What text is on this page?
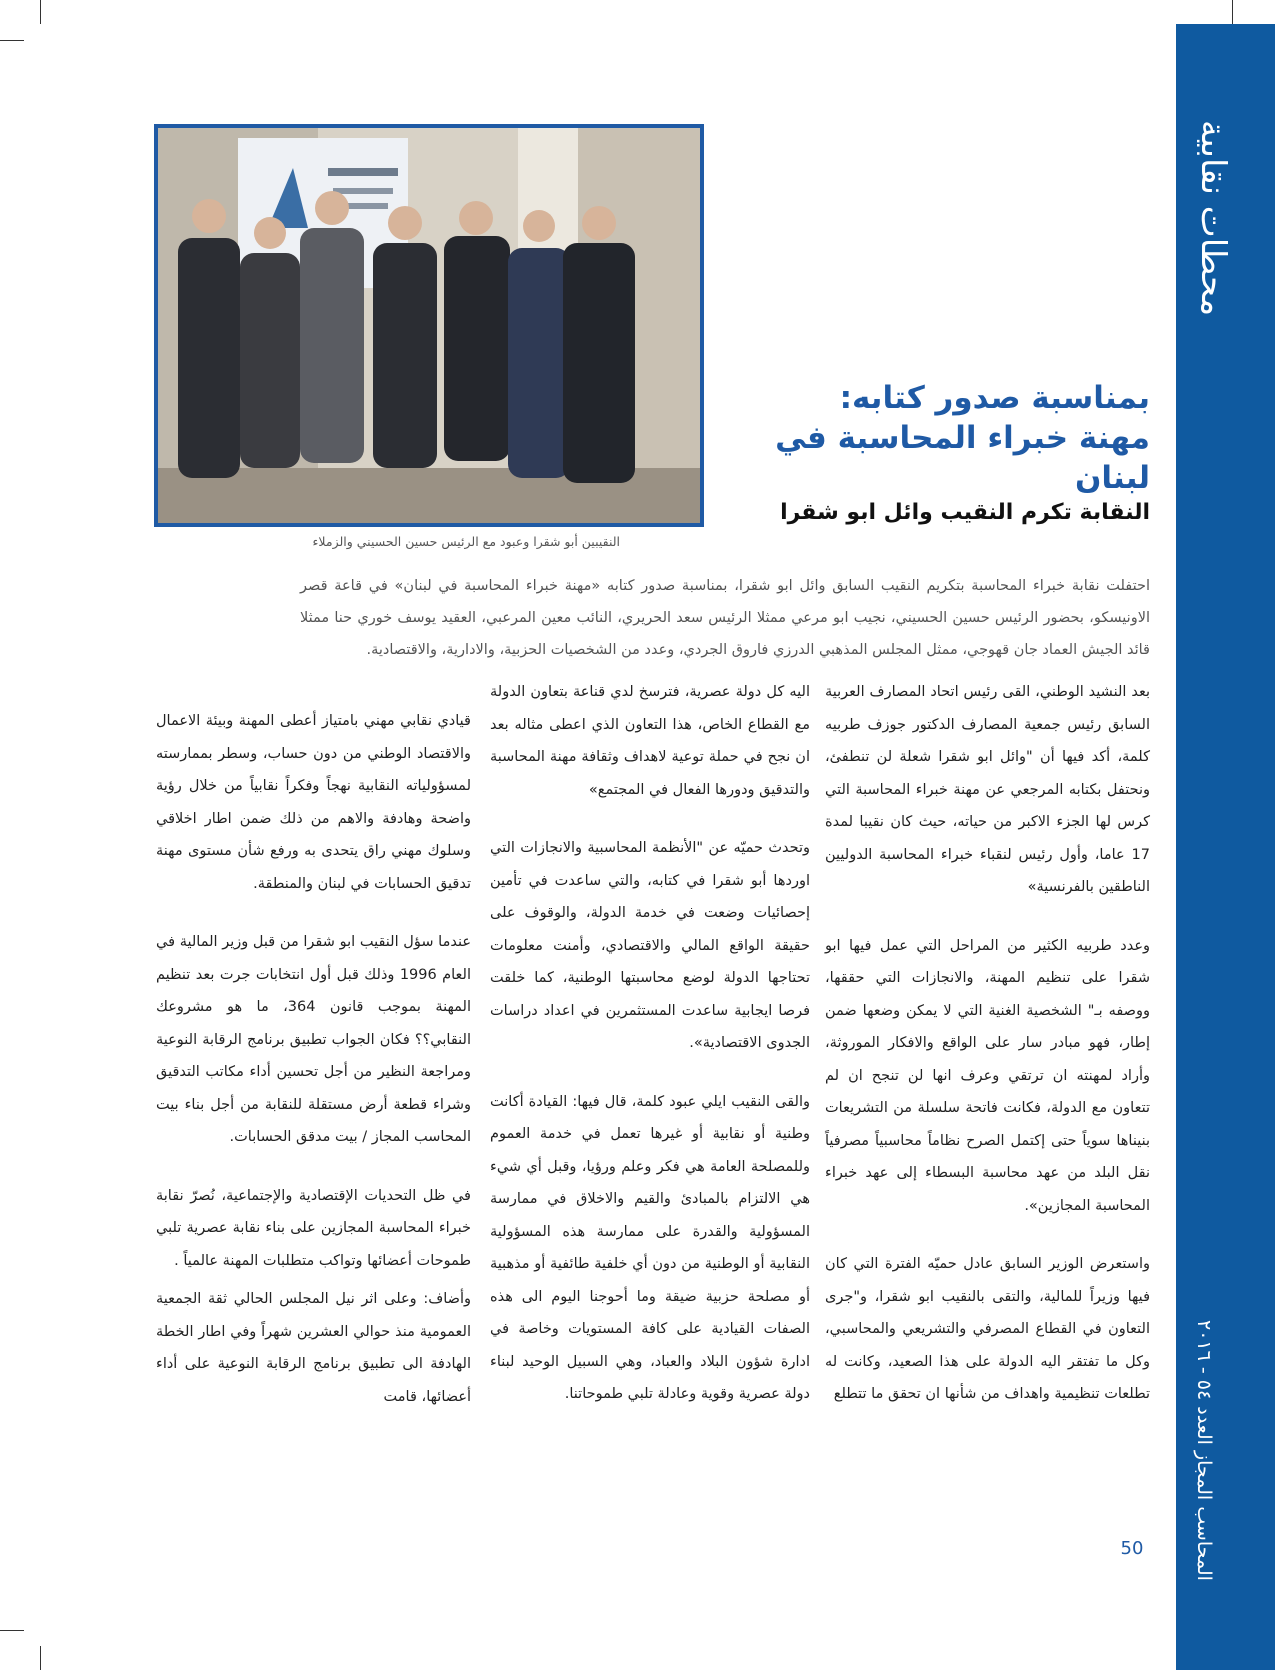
محطات نقابية
المحاسب المجاز العدد ٥٤ - ٢٠١٦
النقيبين أبو شقرا وعبود مع الرئيس حسين الحسيني والزملاء
بمناسبة صدور كتابه:
مهنة خبراء المحاسبة في لبنان
النقابة تكرم النقيب وائل ابو شقرا
احتفلت نقابة خبراء المحاسبة بتكريم النقيب السابق وائل ابو شقرا، بمناسبة صدور كتابه «مهنة خبراء المحاسبة في لبنان» في قاعة قصر الاونيسكو، بحضور الرئيس حسين الحسيني، نجيب ابو مرعي ممثلا الرئيس سعد الحريري، النائب معين المرعبي، العقيد يوسف خوري حنا ممثلا قائد الجيش العماد جان قهوجي، ممثل المجلس المذهبي الدرزي فاروق الجردي، وعدد من الشخصيات الحزبية، والادارية، والاقتصادية.

بعد النشيد الوطني، القى رئيس اتحاد المصارف العربية السابق رئيس جمعية المصارف الدكتور جوزف طربيه كلمة، أكد فيها أن "وائل ابو شقرا شعلة لن تنطفئ، ونحتفل بكتابه المرجعي عن مهنة خبراء المحاسبة التي كرس لها الجزء الاكبر من حياته، حيث كان نقيبا لمدة 17 عاما، وأول رئيس لنقباء خبراء المحاسبة الدوليين الناطقين بالفرنسية»

وعدد طربيه الكثير من المراحل التي عمل فيها ابو شقرا على تنظيم المهنة، والانجازات التي حققها، ووصفه بـ" الشخصية الغنية التي لا يمكن وضعها ضمن إطار، فهو مبادر سار على الواقع والافكار الموروثة، وأراد لمهنته ان ترتقي وعرف انها لن تنجح ان لم تتعاون مع الدولة، فكانت فاتحة سلسلة من التشريعات بنيناها سوياً حتى إكتمل الصرح نظاماً محاسبياً مصرفياً نقل البلد من عهد محاسبة البسطاء إلى عهد خبراء المحاسبة المجازين».

واستعرض الوزير السابق عادل حميّه الفترة التي كان فيها وزيراً للمالية، والتقى بالنقيب ابو شقرا، و"جرى التعاون في القطاع المصرفي والتشريعي والمحاسبي، وكل ما تفتقر اليه الدولة على هذا الصعيد، وكانت له تطلعات تنظيمية واهداف من شأنها ان تحقق ما تتطلع

اليه كل دولة عصرية، فترسخ لدي قناعة بتعاون الدولة مع القطاع الخاص، هذا التعاون الذي اعطى مثاله بعد ان نجح في حملة توعية لاهداف وثقافة مهنة المحاسبة والتدقيق ودورها الفعال في المجتمع»

وتحدث حميّه عن "الأنظمة المحاسبية والانجازات التي اوردها أبو شقرا في كتابه، والتي ساعدت في تأمين إحصائيات وضعت في خدمة الدولة، والوقوف على حقيقة الواقع المالي والاقتصادي، وأمنت معلومات تحتاجها الدولة لوضع محاسبتها الوطنية، كما خلقت فرصا ايجابية ساعدت المستثمرين في اعداد دراسات الجدوى الاقتصادية».

والقى النقيب ايلي عبود كلمة، قال فيها: القيادة أكانت وطنية أو نقابية أو غيرها تعمل في خدمة العموم وللمصلحة العامة هي فكر وعلم ورؤيا، وقبل أي شيء هي الالتزام بالمبادئ والقيم والاخلاق في ممارسة المسؤولية والقدرة على ممارسة هذه المسؤولية النقابية أو الوطنية من دون أي خلفية طائفية أو مذهبية أو مصلحة حزبية ضيقة وما أحوجنا اليوم الى هذه الصفات القيادية على كافة المستويات وخاصة في ادارة شؤون البلاد والعباد، وهي السبيل الوحيد لبناء دولة عصرية وقوية وعادلة تلبي طموحاتنا.

قيادي نقابي مهني بامتياز أعطى المهنة وبيئة الاعمال والاقتصاد الوطني من دون حساب، وسطر بممارسته لمسؤولياته النقابية نهجاً وفكراً نقابياً من خلال رؤية واضحة وهادفة والاهم من ذلك ضمن اطار اخلاقي وسلوك مهني راق يتحدى به ورفع شأن مستوى مهنة تدقيق الحسابات في لبنان والمنطقة.

عندما سؤل النقيب ابو شقرا من قبل وزير المالية في العام 1996 وذلك قبل أول انتخابات جرت بعد تنظيم المهنة بموجب قانون 364، ما هو مشروعك النقابي؟؟ فكان الجواب تطبيق برنامج الرقابة النوعية ومراجعة النظير من أجل تحسين أداء مكاتب التدقيق وشراء قطعة أرض مستقلة للنقابة من أجل بناء بيت المحاسب المجاز / بيت مدقق الحسابات.

في ظل التحديات الإقتصادية والإجتماعية، نُصرّ نقابة خبراء المحاسبة المجازين على بناء نقابة عصرية تلبي طموحات أعضائها وتواكب متطلبات المهنة عالمياً .

وأضاف: وعلى اثر نيل المجلس الحالي ثقة الجمعية العمومية منذ حوالي العشرين شهراً وفي اطار الخطة الهادفة الى تطبيق برنامج الرقابة النوعية على أداء أعضائها، قامت

50
